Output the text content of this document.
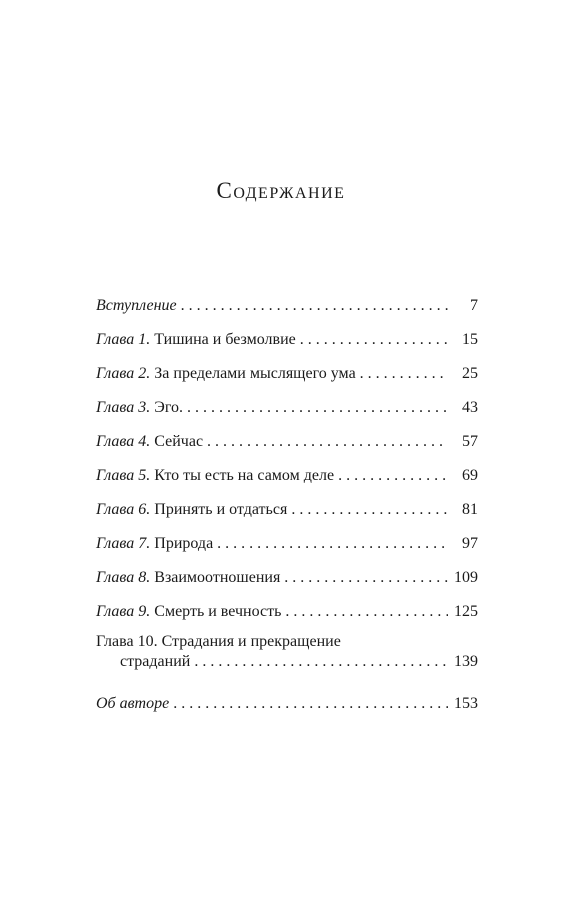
Содержание
Вступление . . .	7
Глава 1. Тишина и безмолвие . . .	15
Глава 2. За пределами мыслящего ума . . .	25
Глава 3. Эго. . . .	43
Глава 4. Сейчас . . .	57
Глава 5. Кто ты есть на самом деле . . .	69
Глава 6. Принять и отдаться . . .	81
Глава 7. Природа . . .	97
Глава 8. Взаимоотношения . . .	109
Глава 9. Смерть и вечность . . .	125
Глава 10. Страдания и прекращение
страданий . . .	139
Об авторе . . .	153
